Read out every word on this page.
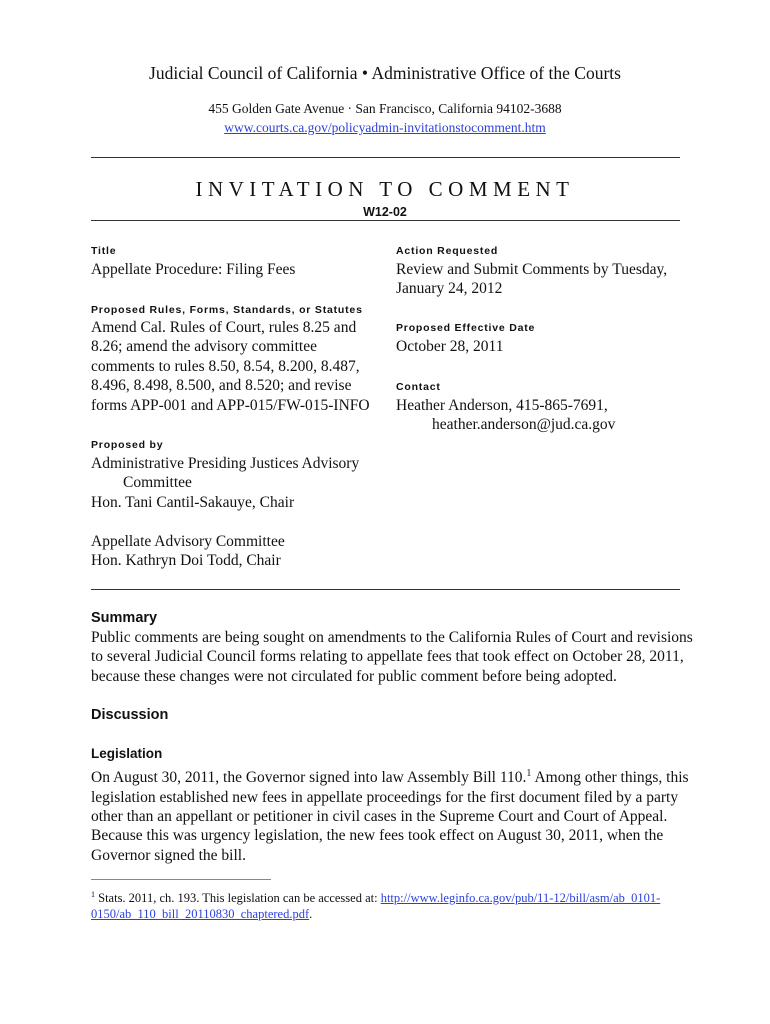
Judicial Council of California • Administrative Office of the Courts
455 Golden Gate Avenue · San Francisco, California 94102-3688
www.courts.ca.gov/policyadmin-invitationstocomment.htm
INVITATION TO COMMENT
W12-02
Title
Appellate Procedure: Filing Fees
Proposed Rules, Forms, Standards, or Statutes
Amend Cal. Rules of Court, rules 8.25 and
8.26; amend the advisory committee
comments to rules 8.50, 8.54, 8.200, 8.487,
8.496, 8.498, 8.500, and 8.520; and revise
forms APP-001 and APP-015/FW-015-INFO
Proposed by
Administrative Presiding Justices Advisory
Committee
Hon. Tani Cantil-Sakauye, Chair
Appellate Advisory Committee
Hon. Kathryn Doi Todd, Chair
Action Requested
Review and Submit Comments by Tuesday,
January 24, 2012
Proposed Effective Date
October 28, 2011
Contact
Heather Anderson, 415-865-7691,
heather.anderson@jud.ca.gov
Summary
Public comments are being sought on amendments to the California Rules of Court and revisions
to several Judicial Council forms relating to appellate fees that took effect on October 28, 2011,
because these changes were not circulated for public comment before being adopted.
Discussion
Legislation
On August 30, 2011, the Governor signed into law Assembly Bill 110.$^1$ Among other things, this
legislation established new fees in appellate proceedings for the first document filed by a party
other than an appellant or petitioner in civil cases in the Supreme Court and Court of Appeal.
Because this was urgency legislation, the new fees took effect on August 30, 2011, when the
Governor signed the bill.
$^1$ Stats. 2011, ch. 193. This legislation can be accessed at: http://www.leginfo.ca.gov/pub/11-12/bill/asm/ab_0101-
0150/ab_110_bill_20110830_chaptered.pdf.
